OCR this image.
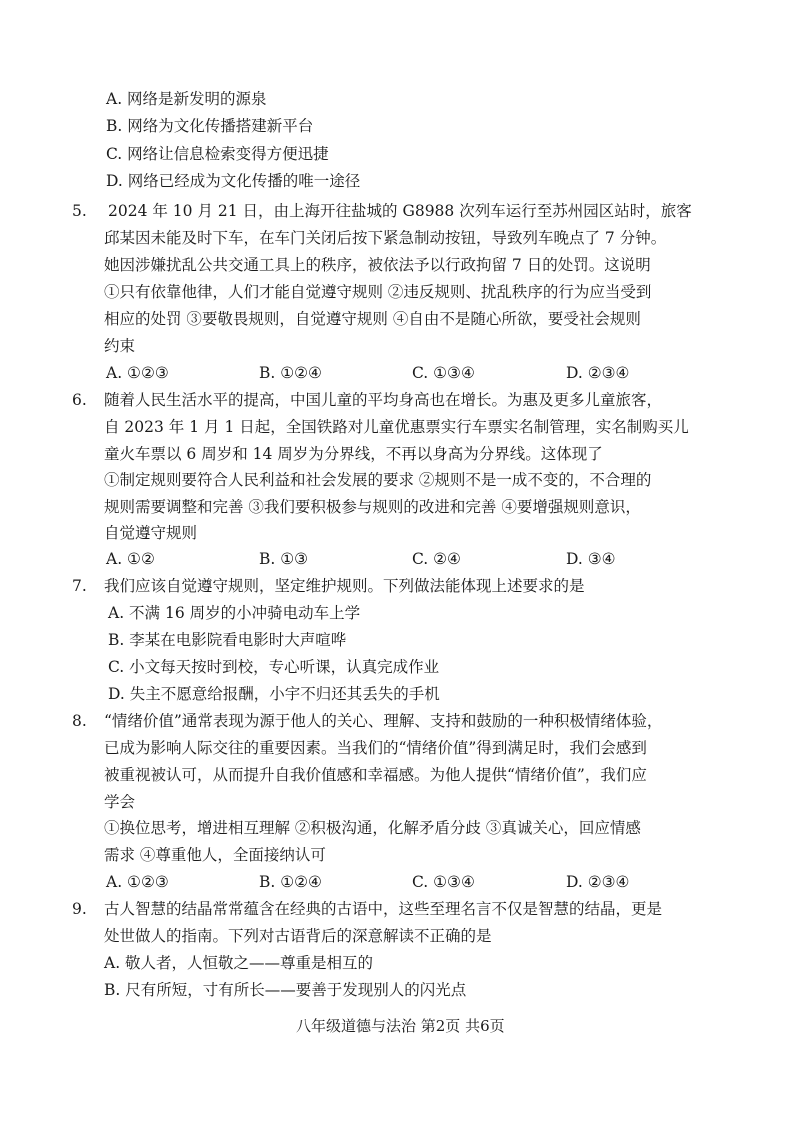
A. 网络是新发明的源泉
B. 网络为文化传播搭建新平台
C. 网络让信息检索变得方便迅捷
D. 网络已经成为文化传播的唯一途径
5. 2024 年 10 月 21 日，由上海开往盐城的 G8988 次列车运行至苏州园区站时，旅客
邱某因未能及时下车，在车门关闭后按下紧急制动按钮，导致列车晚点了 7 分钟。
她因涉嫌扰乱公共交通工具上的秩序，被依法予以行政拘留 7 日的处罚。这说明
①只有依靠他律，人们才能自觉遵守规则 ②违反规则、扰乱秩序的行为应当受到
相应的处罚 ③要敬畏规则，自觉遵守规则 ④自由不是随心所欲，要受社会规则
约束
A. ①②③	B. ①②④	C. ①③④	D. ②③④
6. 随着人民生活水平的提高，中国儿童的平均身高也在增长。为惠及更多儿童旅客，
自 2023 年 1 月 1 日起，全国铁路对儿童优惠票实行车票实名制管理，实名制购买儿
童火车票以 6 周岁和 14 周岁为分界线，不再以身高为分界线。这体现了
①制定规则要符合人民利益和社会发展的要求 ②规则不是一成不变的，不合理的
规则需要调整和完善 ③我们要积极参与规则的改进和完善 ④要增强规则意识，
自觉遵守规则
A. ①②	B. ①③	C. ②④	D. ③④
7. 我们应该自觉遵守规则，坚定维护规则。下列做法能体现上述要求的是
A. 不满 16 周岁的小冲骑电动车上学
B. 李某在电影院看电影时大声喧哗
C. 小文每天按时到校，专心听课，认真完成作业
D. 失主不愿意给报酬，小宇不归还其丢失的手机
8. “情绪价值”通常表现为源于他人的关心、理解、支持和鼓励的一种积极情绪体验，
已成为影响人际交往的重要因素。当我们的“情绪价值”得到满足时，我们会感到
被重视被认可，从而提升自我价值感和幸福感。为他人提供“情绪价值”，我们应
学会
①换位思考，增进相互理解 ②积极沟通，化解矛盾分歧 ③真诚关心，回应情感
需求 ④尊重他人，全面接纳认可
A. ①②③	B. ①②④	C. ①③④	D. ②③④
9. 古人智慧的结晶常常蕴含在经典的古语中，这些至理名言不仅是智慧的结晶，更是
处世做人的指南。下列对古语背后的深意解读不正确的是
A. 敬人者，人恒敬之——尊重是相互的
B. 尺有所短，寸有所长——要善于发现别人的闪光点
八年级道德与法治 第2页 共6页
